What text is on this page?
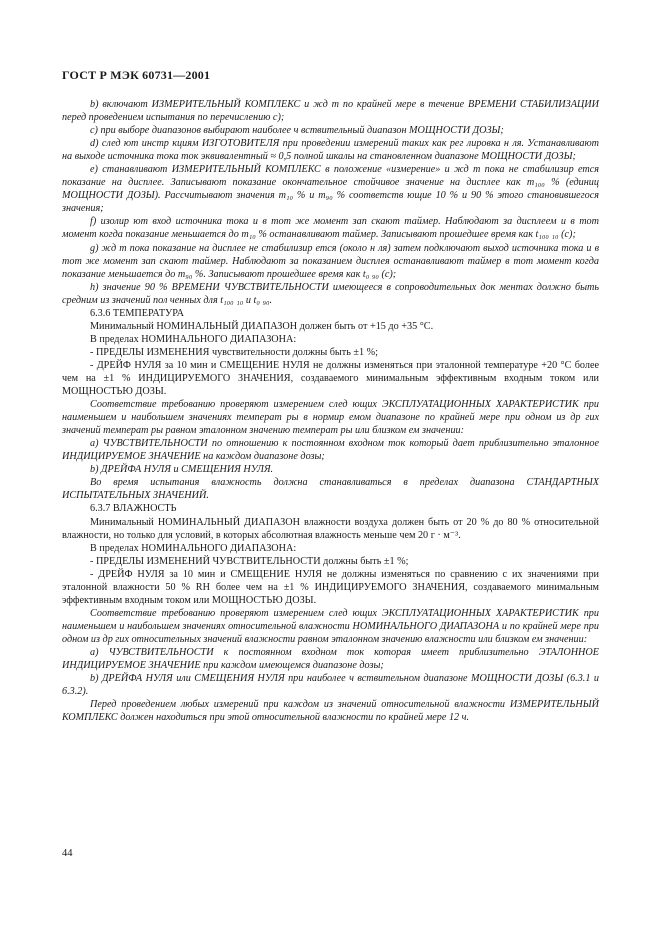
ГОСТ Р МЭК 60731—2001

b) включают ИЗМЕРИТЕЛЬНЫЙ КОМПЛЕКС и жд т по крайней мере в течение ВРЕМЕНИ СТАБИЛИЗАЦИИ перед проведением испытания по перечислению с);

c) при выборе диапазонов выбирают наиболее ч вствительный диапазон МОЩНОСТИ ДОЗЫ;

d) след ют инстр кциям ИЗГОТОВИТЕЛЯ при проведении измерений таких как рег лировка н ля. Устанавливают на выходе источника тока ток эквивалентный ≈ 0,5 полной шкалы на становленном диапазоне МОЩНОСТИ ДОЗЫ;

e) станавливают ИЗМЕРИТЕЛЬНЫЙ КОМПЛЕКС в положение «измерение» и жд т пока не стабилизир ется показание на дисплее. Записывают показание окончательное стойчивое значение на дисплее как m₁₀₀ % (единиц МОЩНОСТИ ДОЗЫ). Рассчитывают значения m₁₀ % и m₉₀ % соответств ющие 10 % и 90 % этого становившегося значения;

f) изолир ют вход источника тока и в тот же момент зап скают таймер. Наблюдают за дисплеем и в тот момент когда показание меньшается до m₁₀ % останавливают таймер. Записывают прошедшее время как t₁₀₀ ₁₀ (с);

g) жд т пока показание на дисплее не стабилизир ется (около н ля) затем подключают выход источника тока и в тот же момент зап скают таймер. Наблюдают за показанием дисплея останавливают таймер в тот момент когда показание меньшается до m₉₀ %. Записывают прошедшее время как t₀ ₉₀ (с);

h) значение 90 % ВРЕМЕНИ ЧУВСТВИТЕЛЬНОСТИ имеющееся в сопроводительных док ментах должно быть средним из значений пол ченных для t₁₀₀ ₁₀ и t₀ ₉₀.

6.3.6 ТЕМПЕРАТУРА

Минимальный НОМИНАЛЬНЫЙ ДИАПАЗОН должен быть от +15 до +35 °С.

В пределах НОМИНАЛЬНОГО ДИАПАЗОНА:

- ПРЕДЕЛЫ ИЗМЕНЕНИЯ чувствительности должны быть ±1 %;

- ДРЕЙФ НУЛЯ за 10 мин и СМЕЩЕНИЕ НУЛЯ не должны изменяться при эталонной температуре +20 °С более чем на ±1 % ИНДИЦИРУЕМОГО ЗНАЧЕНИЯ, создаваемого минимальным эффективным входным током или МОЩНОСТЬЮ ДОЗЫ.

Соответствие требованию проверяют измерением след ющих ЭКСПЛУАТАЦИОННЫХ ХАРАКТЕРИСТИК при наименьшем и наибольшем значениях температ ры в нормир емом диапазоне по крайней мере при одном из др гих значений температ ры равном эталонном значению температ ры или близком ем значении:

a) ЧУВСТВИТЕЛЬНОСТИ по отношению к постоянном входном ток который дает приблизительно эталонное ИНДИЦИРУЕМОЕ ЗНАЧЕНИЕ на каждом диапазоне дозы;

b) ДРЕЙФА НУЛЯ и СМЕЩЕНИЯ НУЛЯ.

Во время испытания влажность должна станавливаться в пределах диапазона СТАНДАРТНЫХ ИСПЫТАТЕЛЬНЫХ ЗНАЧЕНИЙ.

6.3.7 ВЛАЖНОСТЬ

Минимальный НОМИНАЛЬНЫЙ ДИАПАЗОН влажности воздуха должен быть от 20 % до 80 % относительной влажности, но только для условий, в которых абсолютная влажность меньше чем 20 г · м⁻³.

В пределах НОМИНАЛЬНОГО ДИАПАЗОНА:

- ПРЕДЕЛЫ ИЗМЕНЕНИЙ ЧУВСТВИТЕЛЬНОСТИ должны быть ±1 %;

- ДРЕЙФ НУЛЯ за 10 мин и СМЕЩЕНИЕ НУЛЯ не должны изменяться по сравнению с их значениями при эталонной влажности 50 % RH более чем на ±1 % ИНДИЦИРУЕМОГО ЗНАЧЕНИЯ, создаваемого минимальным эффективным входным током или МОЩНОСТЬЮ ДОЗЫ.

Соответствие требованию проверяют измерением след ющих ЭКСПЛУАТАЦИОННЫХ ХАРАКТЕРИСТИК при наименьшем и наибольшем значениях относительной влажности НОМИНАЛЬНОГО ДИАПАЗОНА и по крайней мере при одном из др гих относительных значений влажности равном эталонном значению влажности или близком ем значении:

a) ЧУВСТВИТЕЛЬНОСТИ к постоянном входном ток которая имеет приблизительно ЭТАЛОННОЕ ИНДИЦИРУЕМОЕ ЗНАЧЕНИЕ при каждом имеющемся диапазоне дозы;

b) ДРЕЙФА НУЛЯ или СМЕЩЕНИЯ НУЛЯ при наиболее ч вствительном диапазоне МОЩНОСТИ ДОЗЫ (6.3.1 и 6.3.2).

Перед проведением любых измерений при каждом из значений относительной влажности ИЗМЕРИТЕЛЬНЫЙ КОМПЛЕКС должен находиться при этой относительной влажности по крайней мере 12 ч.

44
